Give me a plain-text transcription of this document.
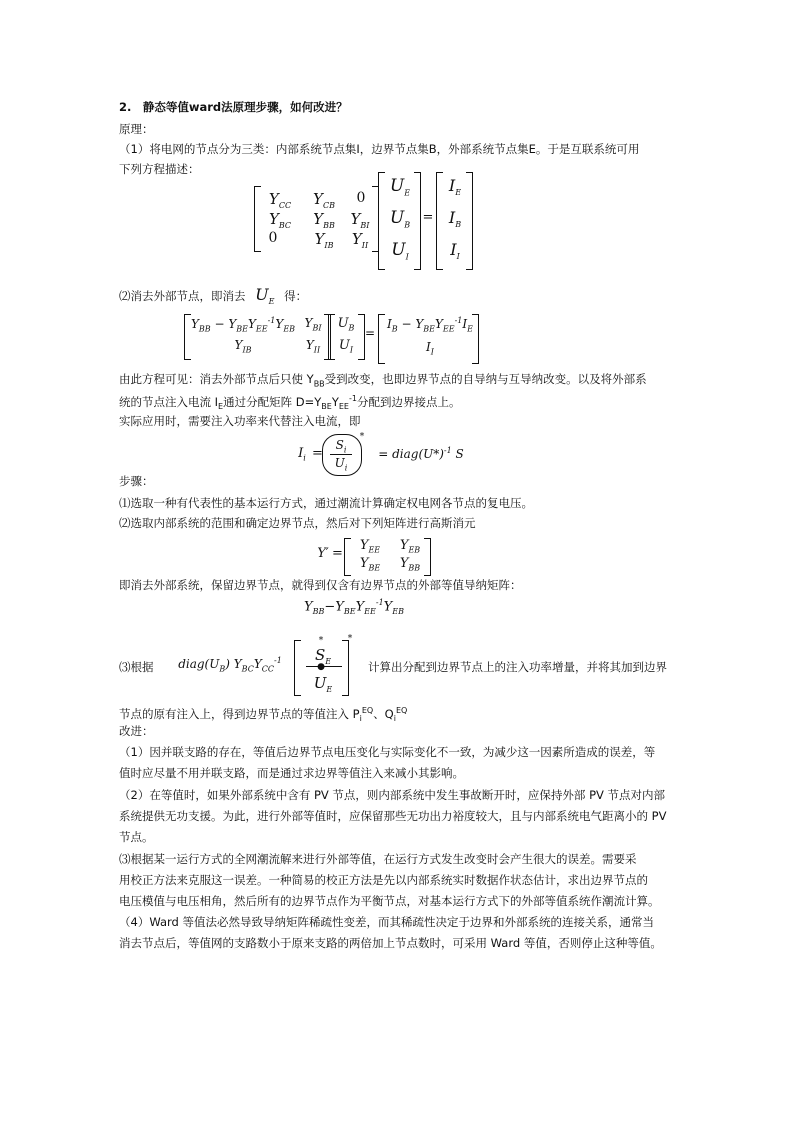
2.　静态等值ward法原理步骤，如何改进？
原理：
（1）将电网的节点分为三类：内部系统节点集I，边界节点集B，外部系统节点集E。于是互联系统可用
下列方程描述：
$Y_{CC}$	$Y_{CB}$	0
$Y_{BC}$	$Y_{BB}$	$Y_{BI}$
0	$Y_{IB}$	$Y_{II}$
$U_E$
$U_B$
$U_I$
=
$I_E$
$I_B$
$I_I$
⑵消去外部节点，即消去 $U_E$ 得：
$Y_{BB} - Y_{BE}Y_{EE}^{-1}Y_{EB}$ $Y_{BI}$
$Y_{IB}$	$Y_{II}$
$U_B$
$U_I$
=
$I_B - Y_{BE}Y_{EE}^{-1}I_E$
$I_I$
由此方程可见：消去外部节点后只使 $Y_{BB}$受到改变，也即边界节点的自导纳与互导纳改变。以及将外部系
统的节点注入电流 $I_E$通过分配矩阵 $D=Y_{BE}Y_{EE}^{-1}$分配到边界接点上。
实际应用时，需要注入功率来代替注入电流，即
$I_i$ =
$S_i$
$U_i$
*
= $diag(U*)^{-1}$ S
步骤：
⑴选取一种有代表性的基本运行方式，通过潮流计算确定权电网各节点的复电压。
⑵选取内部系统的范围和确定边界节点，然后对下列矩阵进行高斯消元
Y′ =
$Y_{EE}$	$Y_{EB}$
$Y_{BE}$	$Y_{BB}$
即消去外部系统，保留边界节点，就得到仅含有边界节点的外部等值导纳矩阵：
$Y_{BB}-Y_{BE}Y_{EE}^{-1}Y_{EB}$
⑶根据	$diag(U_B)$ $Y_{BC}Y_{CC}^{-1}$
*
$S_E$
●
$U_E$
*
计算出分配到边界节点上的注入功率增量，并将其加到边界
节点的原有注入上，得到边界节点的等值注入 $P_i^{EQ}$、$Q_i^{EQ}$
改进：
（1）因并联支路的存在，等值后边界节点电压变化与实际变化不一致，为减少这一因素所造成的误差，等
值时应尽量不用并联支路，而是通过求边界等值注入来减小其影响。
（2）在等值时，如果外部系统中含有 PV 节点，则内部系统中发生事故断开时，应保持外部 PV 节点对内部
系统提供无功支援。为此，进行外部等值时，应保留那些无功出力裕度较大，且与内部系统电气距离小的 PV
节点。
⑶根据某一运行方式的全网潮流解来进行外部等值，在运行方式发生改变时会产生很大的误差。需要采
用校正方法来克服这一误差。一种简易的校正方法是先以内部系统实时数据作状态估计，求出边界节点的
电压模值与电压相角，然后所有的边界节点作为平衡节点，对基本运行方式下的外部等值系统作潮流计算。
（4）Ward 等值法必然导致导纳矩阵稀疏性变差，而其稀疏性决定于边界和外部系统的连接关系，通常当
消去节点后，等值网的支路数小于原来支路的两倍加上节点数时，可采用 Ward 等值，否则停止这种等值。
